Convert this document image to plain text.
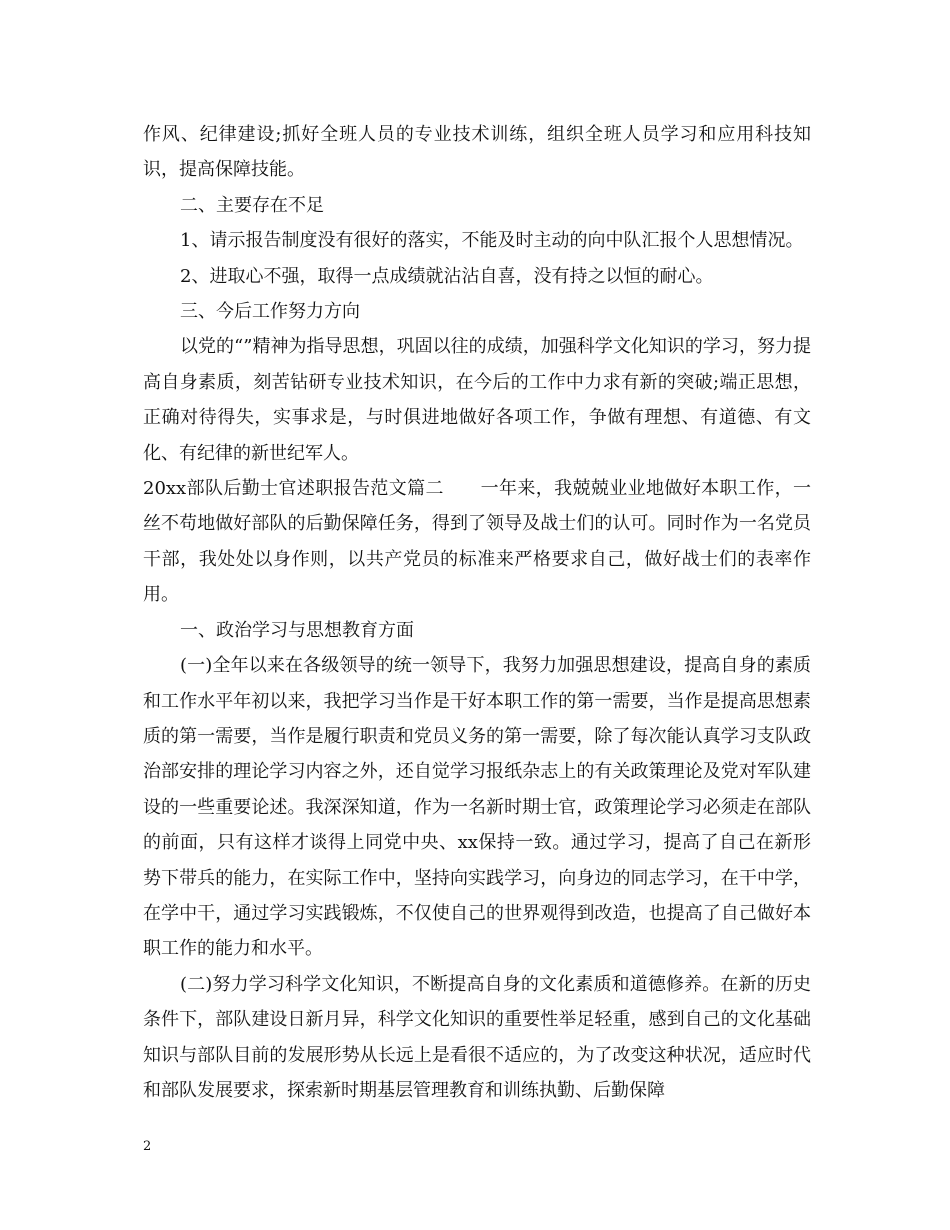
作风、纪律建设;抓好全班人员的专业技术训练，组织全班人员学习和应用科技知识，提高保障技能。

二、主要存在不足

1、请示报告制度没有很好的落实，不能及时主动的向中队汇报个人思想情况。

2、进取心不强，取得一点成绩就沾沾自喜，没有持之以恒的耐心。

三、今后工作努力方向

以党的“”精神为指导思想，巩固以往的成绩，加强科学文化知识的学习，努力提高自身素质，刻苦钻研专业技术知识，在今后的工作中力求有新的突破;端正思想，正确对待得失，实事求是，与时俱进地做好各项工作，争做有理想、有道德、有文化、有纪律的新世纪军人。

20xx部队后勤士官述职报告范文篇二　　一年来，我兢兢业业地做好本职工作，一丝不苟地做好部队的后勤保障任务，得到了领导及战士们的认可。同时作为一名党员干部，我处处以身作则，以共产党员的标准来严格要求自己，做好战士们的表率作用。

一、政治学习与思想教育方面

(一)全年以来在各级领导的统一领导下，我努力加强思想建设，提高自身的素质和工作水平年初以来，我把学习当作是干好本职工作的第一需要，当作是提高思想素质的第一需要，当作是履行职责和党员义务的第一需要，除了每次能认真学习支队政治部安排的理论学习内容之外，还自觉学习报纸杂志上的有关政策理论及党对军队建设的一些重要论述。我深深知道，作为一名新时期士官，政策理论学习必须走在部队的前面，只有这样才谈得上同党中央、xx保持一致。通过学习，提高了自己在新形势下带兵的能力，在实际工作中，坚持向实践学习，向身边的同志学习，在干中学，在学中干，通过学习实践锻炼，不仅使自己的世界观得到改造，也提高了自己做好本职工作的能力和水平。

(二)努力学习科学文化知识，不断提高自身的文化素质和道德修养。在新的历史条件下，部队建设日新月异，科学文化知识的重要性举足轻重，感到自己的文化基础知识与部队目前的发展形势从长远上是看很不适应的，为了改变这种状况，适应时代和部队发展要求，探索新时期基层管理教育和训练执勤、后勤保障

2
